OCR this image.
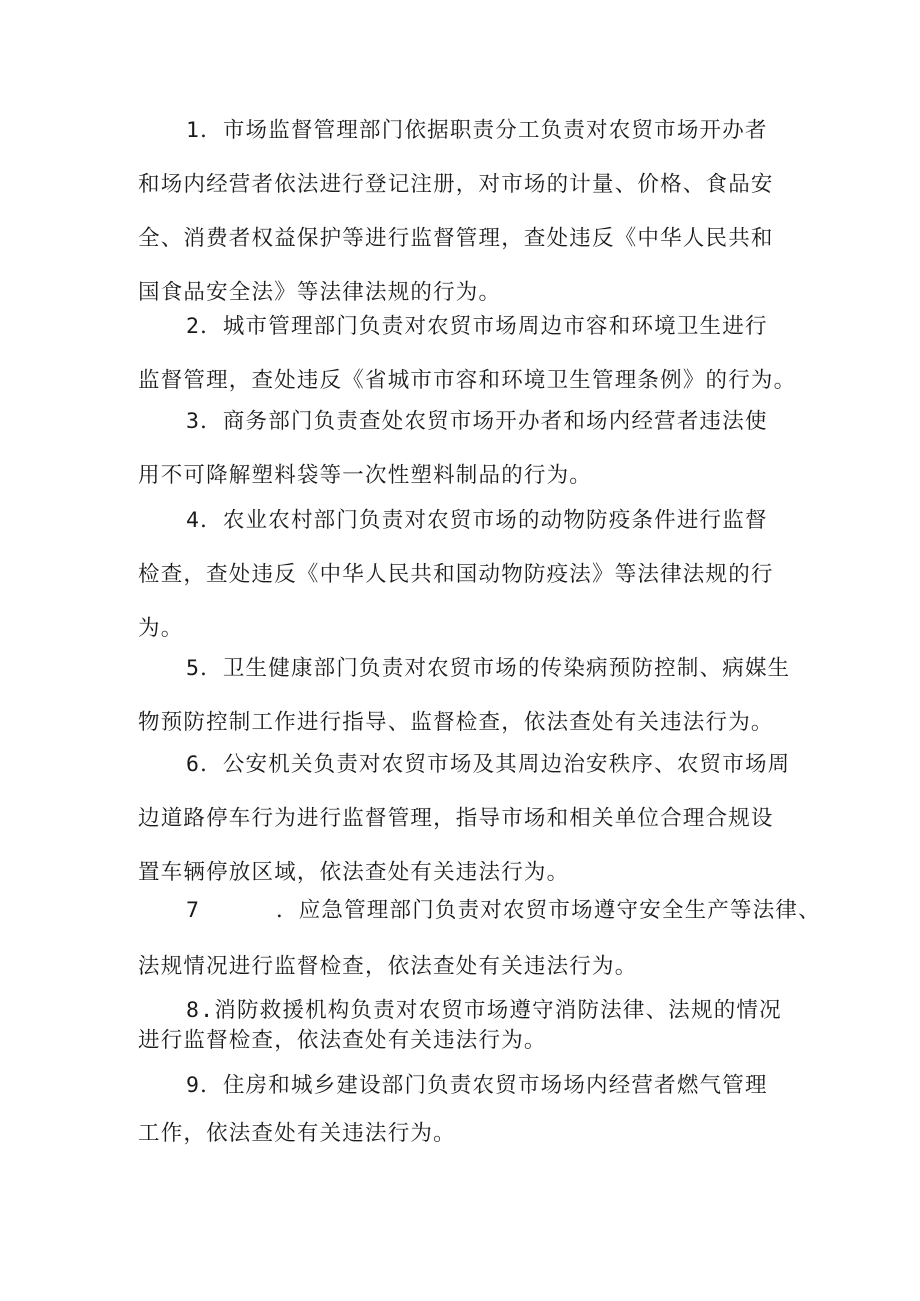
1．市场监督管理部门依据职责分工负责对农贸市场开办者
和场内经营者依法进行登记注册，对市场的计量、价格、食品安
全、消费者权益保护等进行监督管理，查处违反《中华人民共和
国食品安全法》等法律法规的行为。
2．城市管理部门负责对农贸市场周边市容和环境卫生进行
监督管理，查处违反《省城市市容和环境卫生管理条例》的行为。
3．商务部门负责查处农贸市场开办者和场内经营者违法使
用不可降解塑料袋等一次性塑料制品的行为。
4．农业农村部门负责对农贸市场的动物防疫条件进行监督
检查，查处违反《中华人民共和国动物防疫法》等法律法规的行
为。
5．卫生健康部门负责对农贸市场的传染病预防控制、病媒生
物预防控制工作进行指导、监督检查，依法查处有关违法行为。
6．公安机关负责对农贸市场及其周边治安秩序、农贸市场周
边道路停车行为进行监督管理，指导市场和相关单位合理合规设
置车辆停放区域，依法查处有关违法行为。
7	．应急管理部门负责对农贸市场遵守安全生产等法律、
法规情况进行监督检查，依法查处有关违法行为。
8.消防救援机构负责对农贸市场遵守消防法律、法规的情况
进行监督检查，依法查处有关违法行为。
9．住房和城乡建设部门负责农贸市场场内经营者燃气管理
工作，依法查处有关违法行为。
